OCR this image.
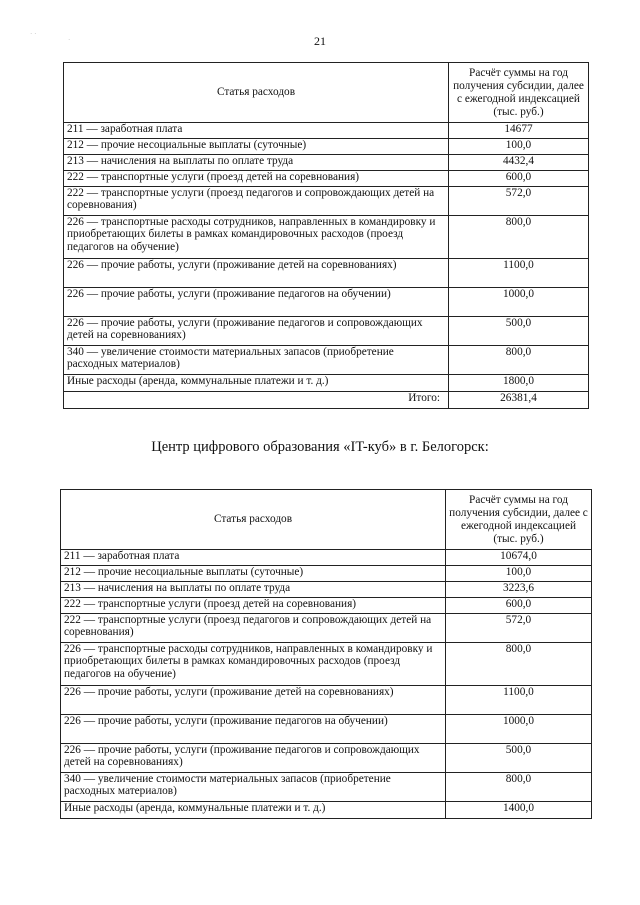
· ·
·	21
Статья расходов	Расчёт суммы на год получения субсидии, далее с ежегодной индексацией (тыс. руб.)
211 — заработная плата	14677
212 — прочие несоциальные выплаты (суточные)	100,0
213 — начисления на выплаты по оплате труда	4432,4
222 — транспортные услуги (проезд детей на соревнования)	600,0
222 — транспортные услуги (проезд педагогов и сопровождающих детей на соревнования)	572,0
226 — транспортные расходы сотрудников, направленных в командировку и приобретающих билеты в рамках командировочных расходов (проезд педагогов на обучение)	800,0
226 — прочие работы, услуги (проживание детей на соревнованиях)	1100,0
226 — прочие работы, услуги (проживание педагогов на обучении)	1000,0
226 — прочие работы, услуги (проживание педагогов и сопровождающих детей на соревнованиях)	500,0
340 — увеличение стоимости материальных запасов (приобретение расходных материалов)	800,0
Иные расходы (аренда, коммунальные платежи и т. д.)	1800,0
Итого:	26381,4
Центр цифрового образования «IT-куб» в г. Белогорск:
Статья расходов	Расчёт суммы на год получения субсидии, далее с ежегодной индексацией (тыс. руб.)
211 — заработная плата	10674,0
212 — прочие несоциальные выплаты (суточные)	100,0
213 — начисления на выплаты по оплате труда	3223,6
222 — транспортные услуги (проезд детей на соревнования)	600,0
222 — транспортные услуги (проезд педагогов и сопровождающих детей на соревнования)	572,0
226 — транспортные расходы сотрудников, направленных в командировку и приобретающих билеты в рамках командировочных расходов (проезд педагогов на обучение)	800,0
226 — прочие работы, услуги (проживание детей на соревнованиях)	1100,0
226 — прочие работы, услуги (проживание педагогов на обучении)	1000,0
226 — прочие работы, услуги (проживание педагогов и сопровождающих детей на соревнованиях)	500,0
340 — увеличение стоимости материальных запасов (приобретение расходных материалов)	800,0
Иные расходы (аренда, коммунальные платежи и т. д.)	1400,0
